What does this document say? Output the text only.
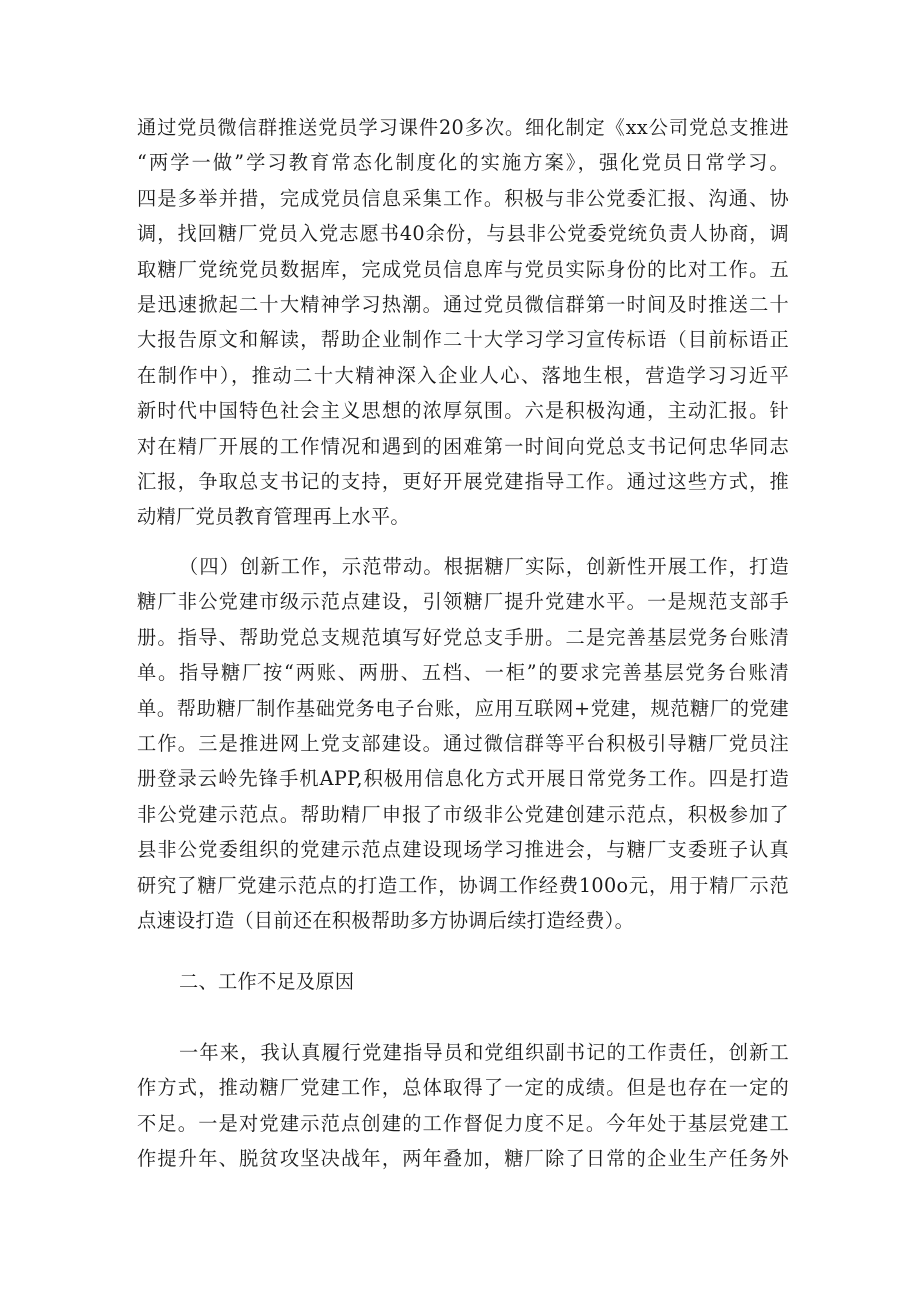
通过党员微信群推送党员学习课件20多次。细化制定《xx公司党总支推进
“两学一做”学习教育常态化制度化的实施方案》，强化党员日常学习。
四是多举并措，完成党员信息采集工作。积极与非公党委汇报、沟通、协
调，找回糖厂党员入党志愿书40余份，与县非公党委党统负责人协商，调
取糖厂党统党员数据库，完成党员信息库与党员实际身份的比对工作。五
是迅速掀起二十大精神学习热潮。通过党员微信群第一时间及时推送二十
大报告原文和解读，帮助企业制作二十大学习学习宣传标语（目前标语正
在制作中），推动二十大精神深入企业人心、落地生根，营造学习习近平
新时代中国特色社会主义思想的浓厚氛围。六是积极沟通，主动汇报。针
对在精厂开展的工作情况和遇到的困难第一时间向党总支书记何忠华同志
汇报，争取总支书记的支持，更好开展党建指导工作。通过这些方式，推
动精厂党员教育管理再上水平。
（四）创新工作，示范带动。根据糖厂实际，创新性开展工作，打造
糖厂非公党建市级示范点建设，引领糖厂提升党建水平。一是规范支部手
册。指导、帮助党总支规范填写好党总支手册。二是完善基层党务台账清
单。指导糖厂按“两账、两册、五档、一柜”的要求完善基层党务台账清
单。帮助糖厂制作基础党务电子台账，应用互联网+党建，规范糖厂的党建
工作。三是推进网上党支部建设。通过微信群等平台积极引导糖厂党员注
册登录云岭先锋手机APP,积极用信息化方式开展日常党务工作。四是打造
非公党建示范点。帮助精厂申报了市级非公党建创建示范点，积极参加了
县非公党委组织的党建示范点建设现场学习推进会，与糖厂支委班子认真
研究了糖厂党建示范点的打造工作，协调工作经费100o元，用于精厂示范
点速设打造（目前还在积极帮助多方协调后续打造经费）。
二、工作不足及原因
一年来，我认真履行党建指导员和党组织副书记的工作责任，创新工
作方式，推动糖厂党建工作，总体取得了一定的成绩。但是也存在一定的
不足。一是对党建示范点创建的工作督促力度不足。今年处于基层党建工
作提升年、脱贫攻坚决战年，两年叠加，糖厂除了日常的企业生产任务外
